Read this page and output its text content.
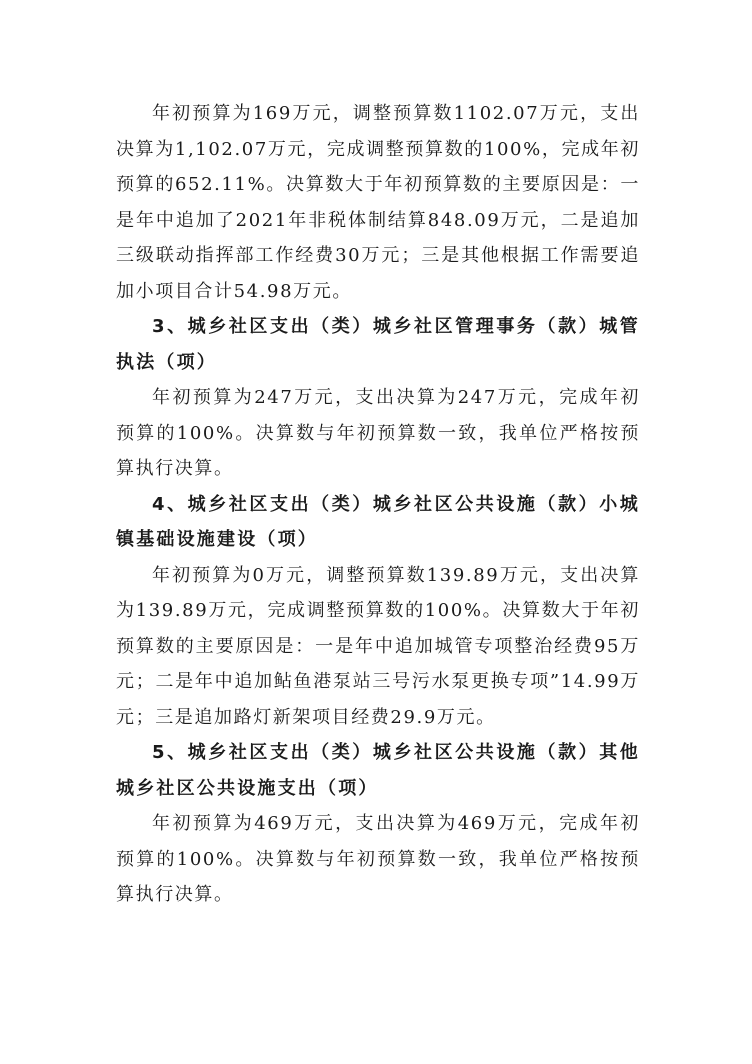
年初预算为169万元，调整预算数1102.07万元，支出决算为1,102.07万元，完成调整预算数的100%，完成年初预算的652.11%。决算数大于年初预算数的主要原因是：一是年中追加了2021年非税体制结算848.09万元，二是追加三级联动指挥部工作经费30万元；三是其他根据工作需要追加小项目合计54.98万元。

3、城乡社区支出（类）城乡社区管理事务（款）城管执法（项）

年初预算为247万元，支出决算为247万元，完成年初预算的100%。决算数与年初预算数一致，我单位严格按预算执行决算。

4、城乡社区支出（类）城乡社区公共设施（款）小城镇基础设施建设（项）

年初预算为0万元，调整预算数139.89万元，支出决算为139.89万元，完成调整预算数的100%。决算数大于年初预算数的主要原因是：一是年中追加城管专项整治经费95万元；二是年中追加鲇鱼港泵站三号污水泵更换专项”14.99万元；三是追加路灯新架项目经费29.9万元。

5、城乡社区支出（类）城乡社区公共设施（款）其他城乡社区公共设施支出（项）

年初预算为469万元，支出决算为469万元，完成年初预算的100%。决算数与年初预算数一致，我单位严格按预算执行决算。
